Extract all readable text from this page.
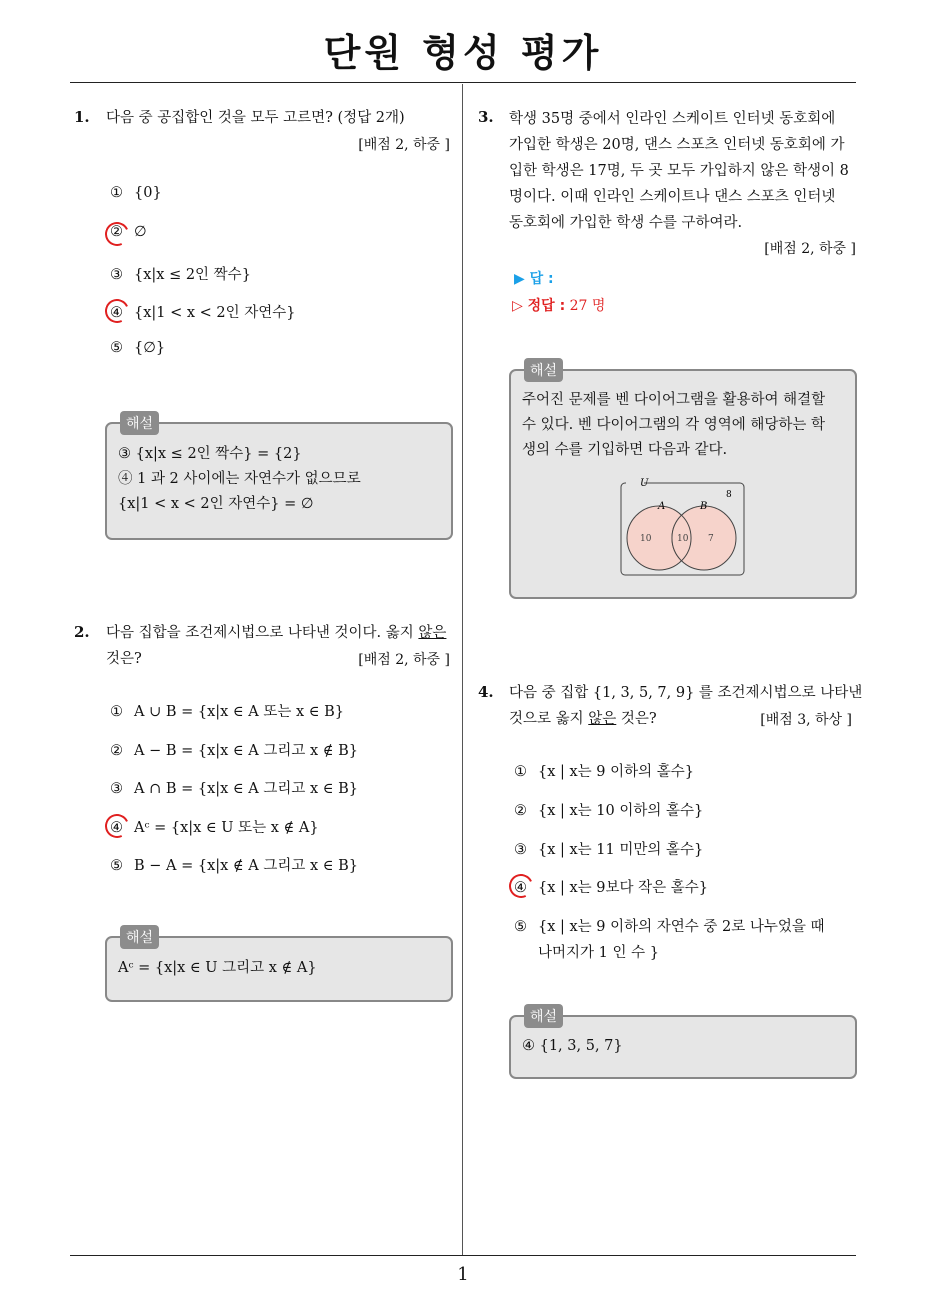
단원 형성 평가
1
1. 다음 중 공집합인 것을 모두 고르면? (정답 2개)
[배점 2, 하중 ]
① {0}
② ∅
③ {x|x ≤ 2인 짝수}
④ {x|1 < x < 2인 자연수}
⑤ {∅}
해설
③ {x|x ≤ 2인 짝수} = {2}
④ 1 과 2 사이에는 자연수가 없으므로
{x|1 < x < 2인 자연수} = ∅
2. 다음 집합을 조건제시법으로 나타낸 것이다. 옳지 않은
것은?	[배점 2, 하중 ]
① A ∪ B = {x|x ∈ A 또는 x ∈ B}
② A − B = {x|x ∈ A 그리고 x ∉ B}
③ A ∩ B = {x|x ∈ A 그리고 x ∈ B}
④ Aᶜ = {x|x ∈ U 또는 x ∉ A}
⑤ B − A = {x|x ∉ A 그리고 x ∈ B}
해설
Aᶜ = {x|x ∈ U 그리고 x ∉ A}
3. 학생 35명 중에서 인라인 스케이트 인터넷 동호회에
가입한 학생은 20명, 댄스 스포츠 인터넷 동호회에 가
입한 학생은 17명, 두 곳 모두 가입하지 않은 학생이 8
명이다. 이때 인라인 스케이트나 댄스 스포츠 인터넷
동호회에 가입한 학생 수를 구하여라.
[배점 2, 하중 ]
▶ 답 :
▷ 정답 : 27 명
해설
주어진 문제를 벤 다이어그램을 활용하여 해결할
수 있다. 벤 다이어그램의 각 영역에 해당하는 학
생의 수를 기입하면 다음과 같다.
U
8
A	B
10	10 7
4. 다음 중 집합 {1, 3, 5, 7, 9} 를 조건제시법으로 나타낸
것으로 옳지 않은 것은?	[배점 3, 하상 ]
① {x | x는 9 이하의 홀수}
② {x | x는 10 이하의 홀수}
③ {x | x는 11 미만의 홀수}
④ {x | x는 9보다 작은 홀수}
⑤ {x | x는 9 이하의 자연수 중 2로 나누었을 때
나머지가 1 인 수 }
해설
④ {1, 3, 5, 7}
